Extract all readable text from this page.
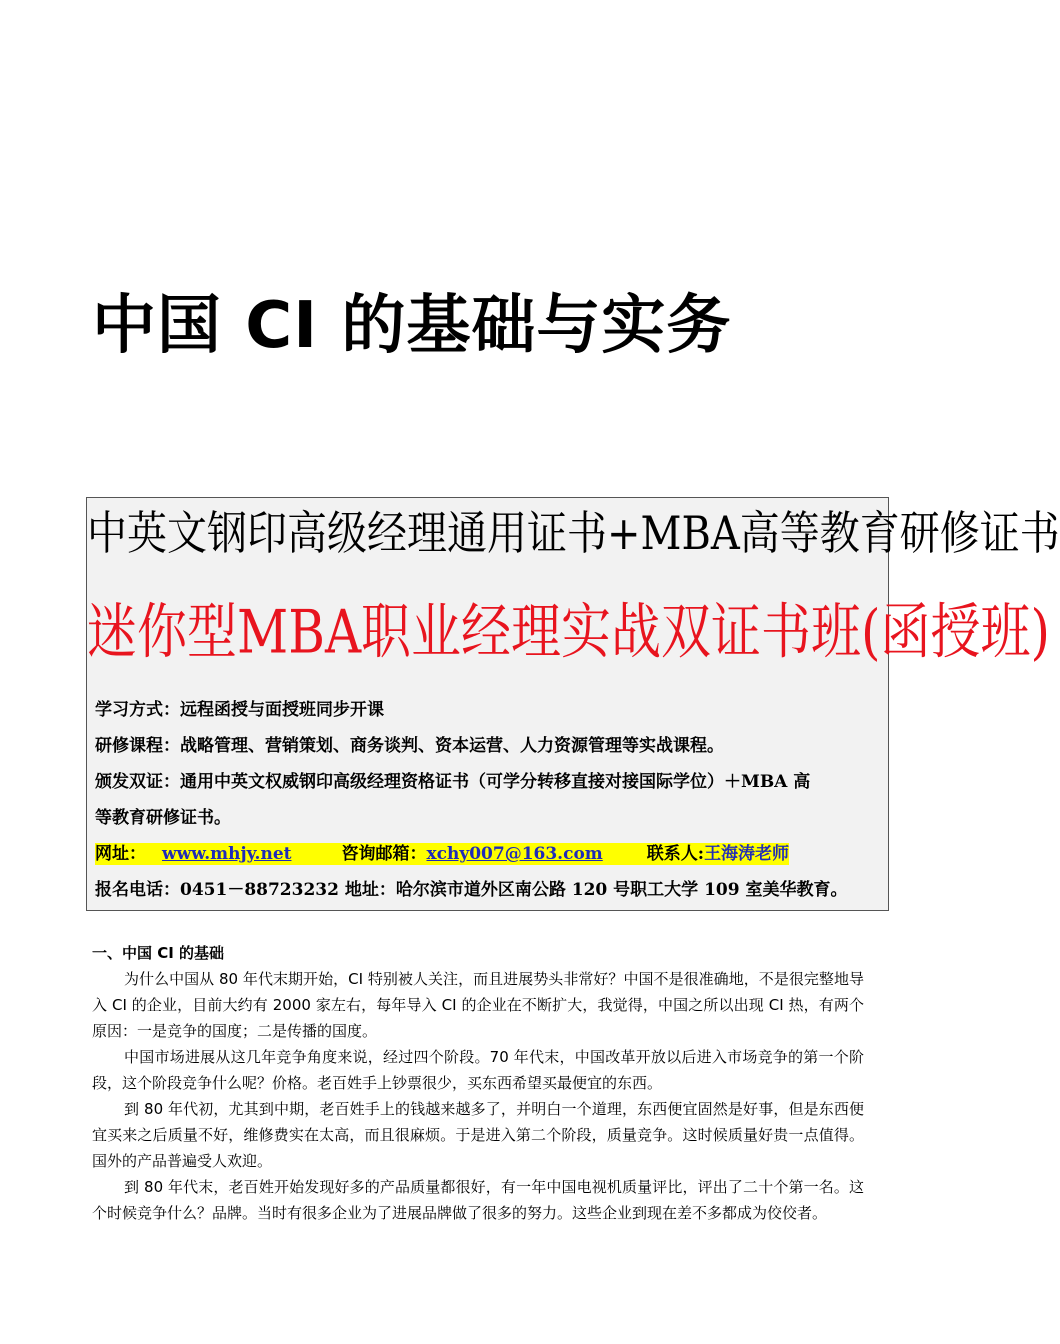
中国 CI 的基础与实务
中英文钢印高级经理通用证书+MBA高等教育研修证书
迷你型MBA职业经理实战双证书班(函授班)
学习方式：远程函授与面授班同步开课
研修课程：战略管理、营销策划、商务谈判、资本运营、人力资源管理等实战课程。
颁发双证：通用中英文权威钢印高级经理资格证书（可学分转移直接对接国际学位）＋MBA 高
等教育研修证书。
网址： www.mhjy.net	咨询邮箱：xchy007@163.com	联系人:王海涛老师
报名电话：0451－88723232 地址：哈尔滨市道外区南公路 120 号职工大学 109 室美华教育。

一、中国 CI 的基础

为什么中国从 80 年代末期开始，CI 特别被人关注，而且进展势头非常好？中国不是很准确地，不是很完整地导入 CI 的企业，目前大约有 2000 家左右，每年导入 CI 的企业在不断扩大，我觉得，中国之所以出现 CI 热，有两个原因：一是竞争的国度；二是传播的国度。

中国市场进展从这几年竞争角度来说，经过四个阶段。70 年代末，中国改革开放以后进入市场竞争的第一个阶段，这个阶段竞争什么呢？价格。老百姓手上钞票很少，买东西希望买最便宜的东西。

到 80 年代初，尤其到中期，老百姓手上的钱越来越多了，并明白一个道理，东西便宜固然是好事，但是东西便宜买来之后质量不好，维修费实在太高，而且很麻烦。于是进入第二个阶段，质量竞争。这时候质量好贵一点值得。国外的产品普遍受人欢迎。

到 80 年代末，老百姓开始发现好多的产品质量都很好，有一年中国电视机质量评比，评出了二十个第一名。这个时候竞争什么？品牌。当时有很多企业为了进展品牌做了很多的努力。这些企业到现在差不多都成为佼佼者。
